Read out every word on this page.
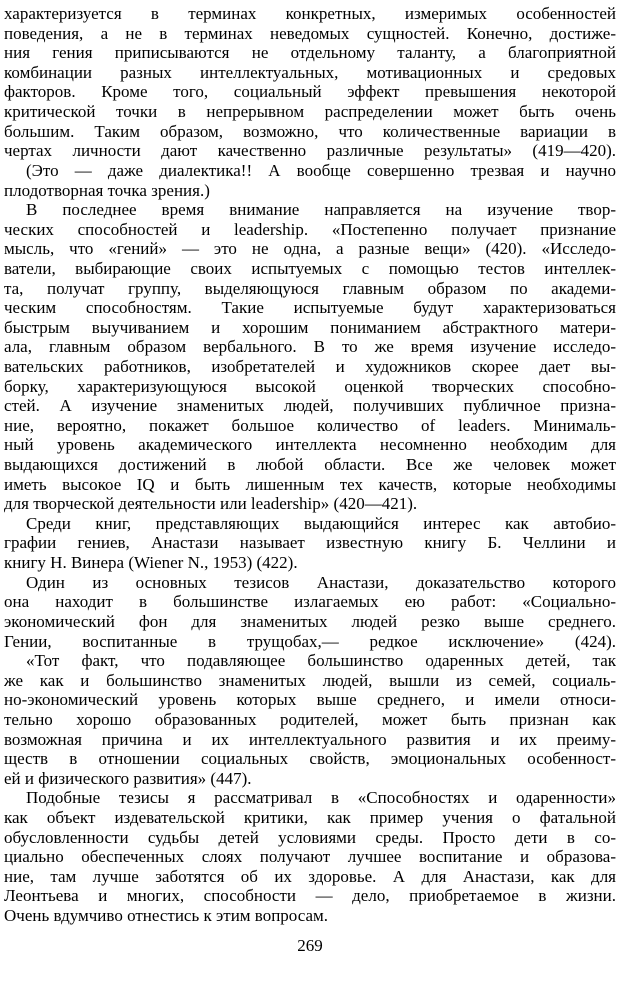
характеризуется в терминах конкретных, измеримых особенностей
поведения, а не в терминах неведомых сущностей. Конечно, достиже-
ния гения приписываются не отдельному таланту, а благоприятной
комбинации разных интеллектуальных, мотивационных и средовых
факторов. Кроме того, социальный эффект превышения некоторой
критической точки в непрерывном распределении может быть очень
большим. Таким образом, возможно, что количественные вариации в
чертах личности дают качественно различные результаты» (419—420).
(Это — даже диалектика!! А вообще совершенно трезвая и научно
плодотворная точка зрения.)
В последнее время внимание направляется на изучение твор-
ческих способностей и leadership. «Постепенно получает признание
мысль, что «гений» — это не одна, а разные вещи» (420). «Исследо-
ватели, выбирающие своих испытуемых с помощью тестов интеллек-
та, получат группу, выделяющуюся главным образом по академи-
ческим способностям. Такие испытуемые будут характеризоваться
быстрым выучиванием и хорошим пониманием абстрактного матери-
ала, главным образом вербального. В то же время изучение исследо-
вательских работников, изобретателей и художников скорее дает вы-
борку, характеризующуюся высокой оценкой творческих способно-
стей. А изучение знаменитых людей, получивших публичное призна-
ние, вероятно, покажет большое количество of leaders. Минималь-
ный уровень академического интеллекта несомненно необходим для
выдающихся достижений в любой области. Все же человек может
иметь высокое IQ и быть лишенным тех качеств, которые необходимы
для творческой деятельности или leadership» (420—421).
Среди книг, представляющих выдающийся интерес как автобио-
графии гениев, Анастази называет известную книгу Б. Челлини и
книгу Н. Винера (Wiener N., 1953) (422).
Один из основных тезисов Анастази, доказательство которого
она находит в большинстве излагаемых ею работ: «Социально-
экономический фон для знаменитых людей резко выше среднего.
Гении, воспитанные в трущобах,— редкое исключение» (424).
«Тот факт, что подавляющее большинство одаренных детей, так
же как и большинство знаменитых людей, вышли из семей, социаль-
но-экономический уровень которых выше среднего, и имели относи-
тельно хорошо образованных родителей, может быть признан как
возможная причина и их интеллектуального развития и их преиму-
ществ в отношении социальных свойств, эмоциональных особенност-
ей и физического развития» (447).
Подобные тезисы я рассматривал в «Способностях и одаренности»
как объект издевательской критики, как пример учения о фатальной
обусловленности судьбы детей условиями среды. Просто дети в со-
циально обеспеченных слоях получают лучшее воспитание и образова-
ние, там лучше заботятся об их здоровье. А для Анастази, как для
Леонтьева и многих, способности — дело, приобретаемое в жизни.
Очень вдумчиво отнестись к этим вопросам.
269
